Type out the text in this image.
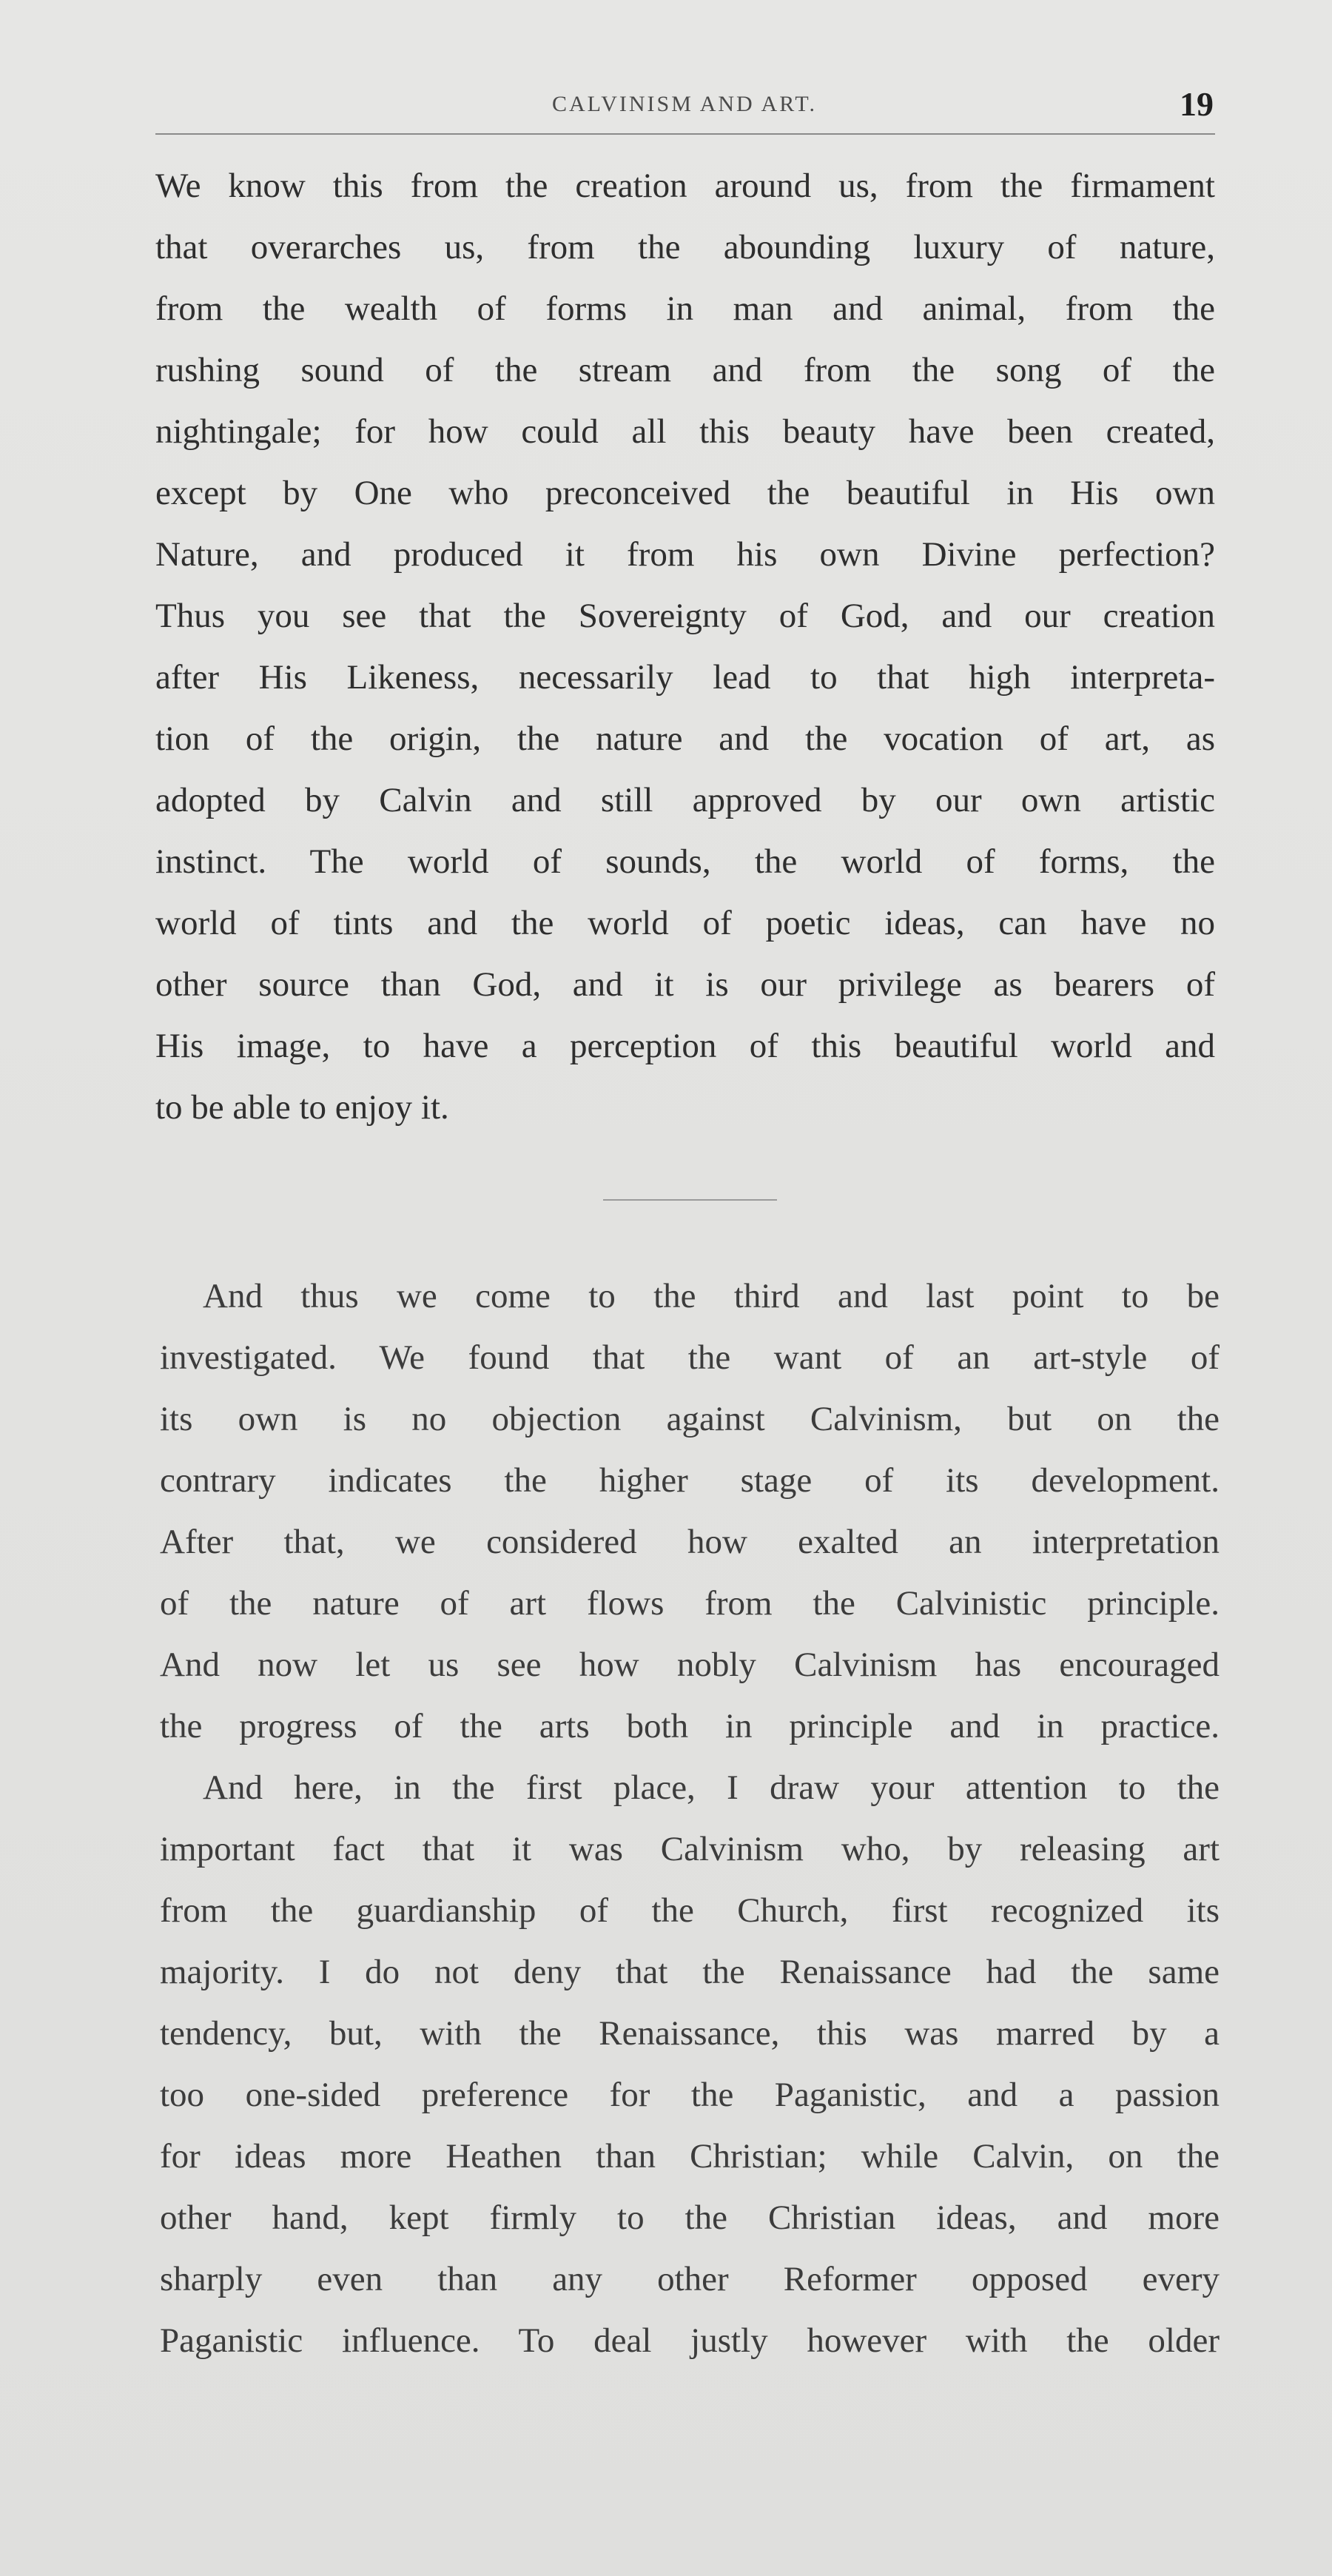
CALVINISM AND ART.	19
We know this from the creation around us, from the firmament
that overarches us, from the abounding luxury of nature,
from the wealth of forms in man and animal, from the
rushing sound of the stream and from the song of the
nightingale; for how could all this beauty have been created,
except by One who preconceived the beautiful in His own
Nature, and produced it from his own Divine perfection?
Thus you see that the Sovereignty of God, and our creation
after His Likeness, necessarily lead to that high interpreta-
tion of the origin, the nature and the vocation of art, as
adopted by Calvin and still approved by our own artistic
instinct. The world of sounds, the world of forms, the
world of tints and the world of poetic ideas, can have no
other source than God, and it is our privilege as bearers of
His image, to have a perception of this beautiful world and
to be able to enjoy it.
And thus we come to the third and last point to be
investigated. We found that the want of an art-style of
its own is no objection against Calvinism, but on the
contrary indicates the higher stage of its development.
After that, we considered how exalted an interpretation
of the nature of art flows from the Calvinistic principle.
And now let us see how nobly Calvinism has encouraged
the progress of the arts both in principle and in practice.
And here, in the first place, I draw your attention to the
important fact that it was Calvinism who, by releasing art
from the guardianship of the Church, first recognized its
majority. I do not deny that the Renaissance had the same
tendency, but, with the Renaissance, this was marred by a
too one-sided preference for the Paganistic, and a passion
for ideas more Heathen than Christian; while Calvin, on the
other hand, kept firmly to the Christian ideas, and more
sharply even than any other Reformer opposed every
Paganistic influence. To deal justly however with the older
